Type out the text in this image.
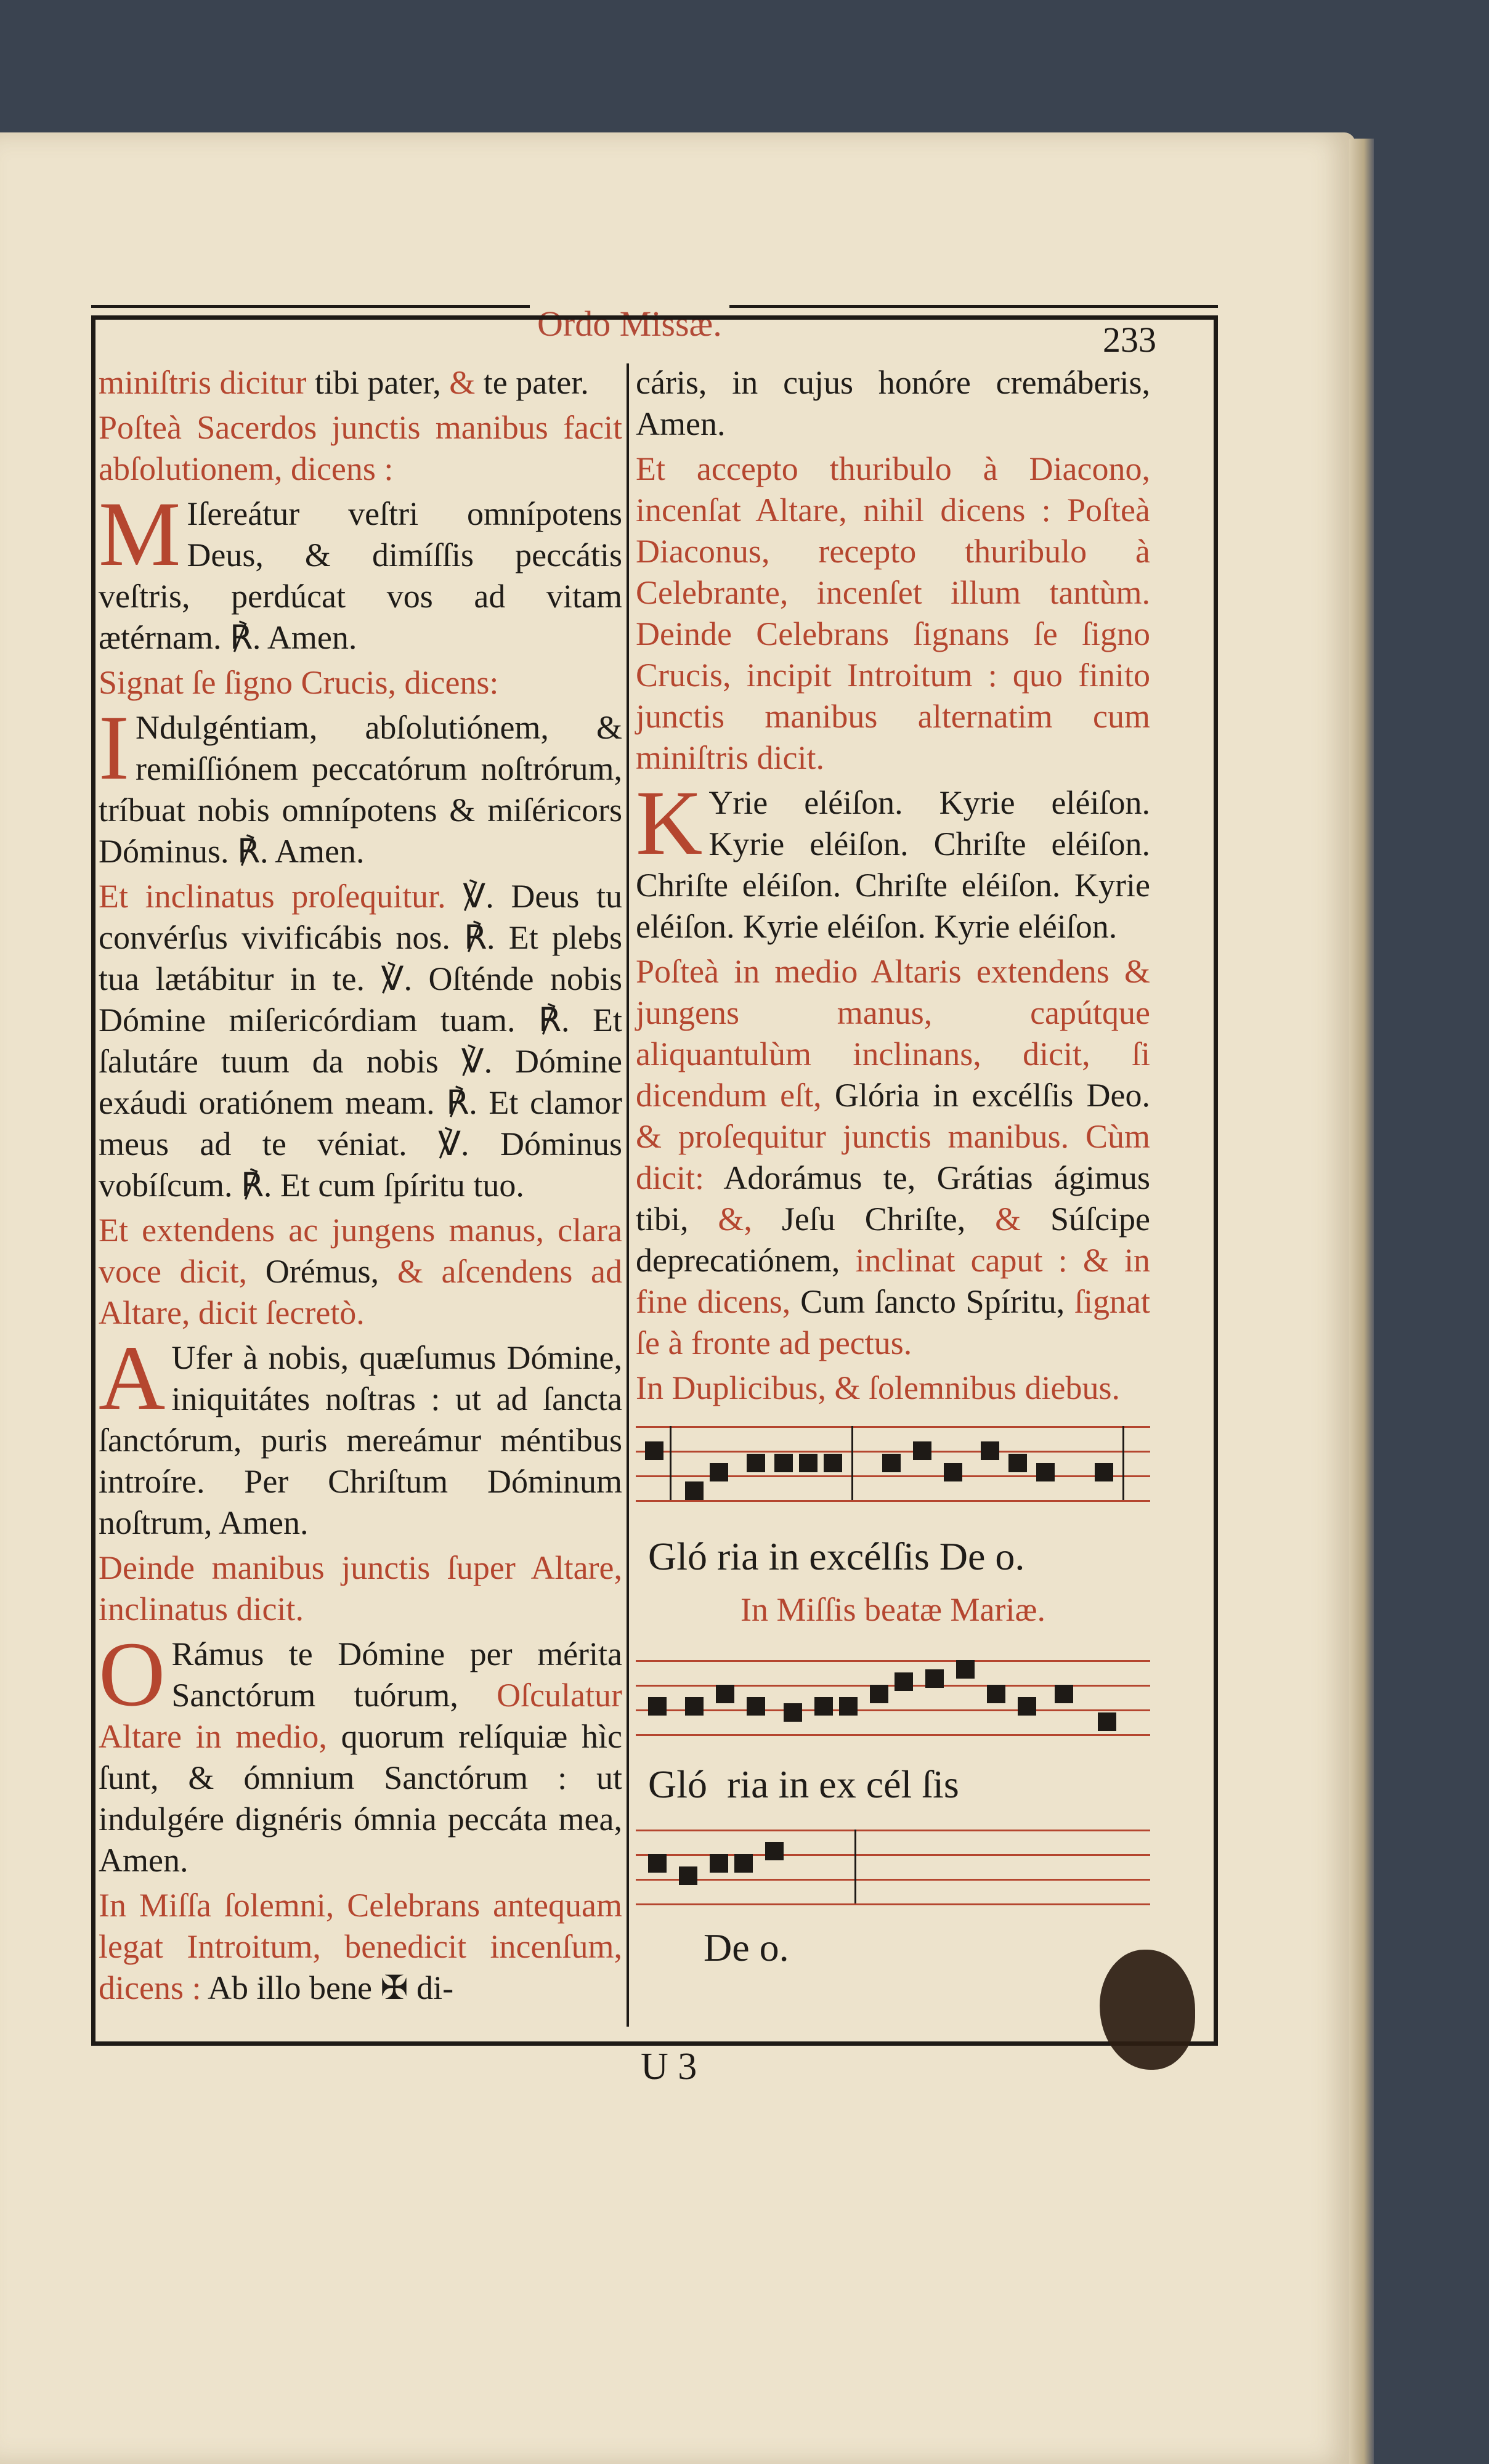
Ordo Missæ.	233

miniſtris dicitur tibi pater, & te pater.

Poſteà Sacerdos junctis manibus facit abſolutionem, dicens :

M Iſereátur veſtri omnípotens Deus, & dimíſſis peccátis veſtris, perdúcat vos ad vitam ætérnam. ℟. Amen.

Signat ſe ſigno Crucis, dicens:

I Ndulgéntiam, abſolutiónem, & remiſſiónem peccatórum noſtrórum, tríbuat nobis omnípotens & miſéricors Dóminus. ℟. Amen.

Et inclinatus proſequitur. ℣. Deus tu convérſus vivificábis nos. ℟. Et plebs tua lætábitur in te. ℣. Oſténde nobis Dómine miſericórdiam tuam. ℟. Et ſalutáre tuum da nobis ℣. Dómine exáudi oratiónem meam. ℟. Et clamor meus ad te véniat. ℣. Dóminus vobíſcum. ℟. Et cum ſpíritu tuo.

Et extendens ac jungens manus, clara voce dicit, Orémus, & aſcendens ad Altare, dicit ſecretò.

A Ufer à nobis, quæſumus Dómine, iniquitátes noſtras : ut ad ſancta ſanctórum, puris mereámur méntibus introíre. Per Chriſtum Dóminum noſtrum, Amen.

Deinde manibus junctis ſuper Altare, inclinatus dicit.

O Rámus te Dómine per mérita Sanctórum tuórum, Oſculatur Altare in medio, quorum relíquiæ hìc ſunt, & ómnium Sanctórum : ut indulgére dignéris ómnia peccáta mea, Amen.

In Miſſa ſolemni, Celebrans antequam legat Introitum, benedicit incenſum, dicens : Ab illo bene ✠ di-

cáris, in cujus honóre cremáberis, Amen.

Et accepto thuribulo à Diacono, incenſat Altare, nihil dicens : Poſteà Diaconus, recepto thuribulo à Celebrante, incenſet illum tantùm. Deinde Celebrans ſignans ſe ſigno Crucis, incipit Introitum : quo finito junctis manibus alternatim cum miniſtris dicit.

K Yrie eléiſon. Kyrie eléiſon. Kyrie eléiſon. Chriſte eléiſon. Chriſte eléiſon. Chriſte eléiſon. Kyrie eléiſon. Kyrie eléiſon. Kyrie eléiſon.

Poſteà in medio Altaris extendens & jungens manus, capútque aliquantulùm inclinans, dicit, ſi dicendum eſt, Glória in excélſis Deo. & proſequitur junctis manibus. Cùm dicit: Adorámus te, Grátias ágimus tibi, &, Jeſu Chriſte, & Súſcipe deprecatiónem, inclinat caput : & in fine dicens, Cum ſancto Spíritu, ſignat ſe à fronte ad pectus.

In Duplicibus, & ſolemnibus diebus.

Gló ria in excélſis De o.
In Miſſis beatæ Mariæ.
Gló  ria in ex cél ſis
De o.
U 3
